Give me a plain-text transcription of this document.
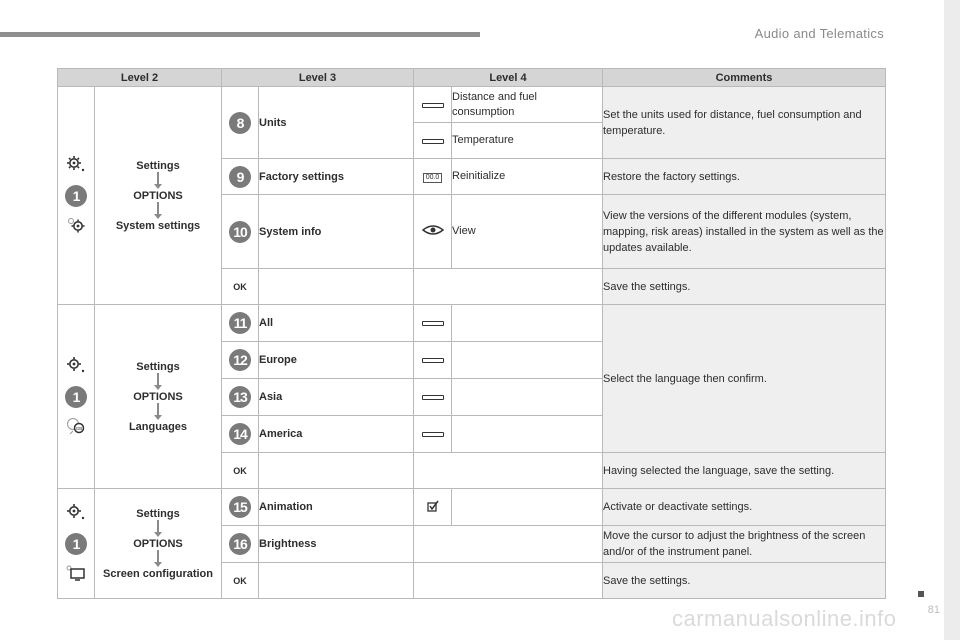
Audio and Telematics
81
carmanualsonline.info
Level 2		Level 3		Level 4		Comments

1	Settings
OPTIONS
System settings	8	Units		Distance and fuel consumption	Set the units used for distance, fuel consumption and temperature.
					Temperature	
		9	Factory settings	00.0	Reinitialize	Restore the factory settings.
		10	System info		View	View the versions of the different modules (system, mapping, risk areas) installed in the system as well as the updates available.
		OK				Save the settings.

1
GB	Settings
OPTIONS
Languages	11	All			Select the language then confirm.
		12	Europe			
		13	Asia			
		14	America			
		OK				Having selected the language, save the setting.

1	Settings
OPTIONS
Screen configuration	15	Animation			Activate or deactivate settings.
		16	Brightness			Move the cursor to adjust the brightness of the screen and/or of the instrument panel.
		OK				Save the settings.
